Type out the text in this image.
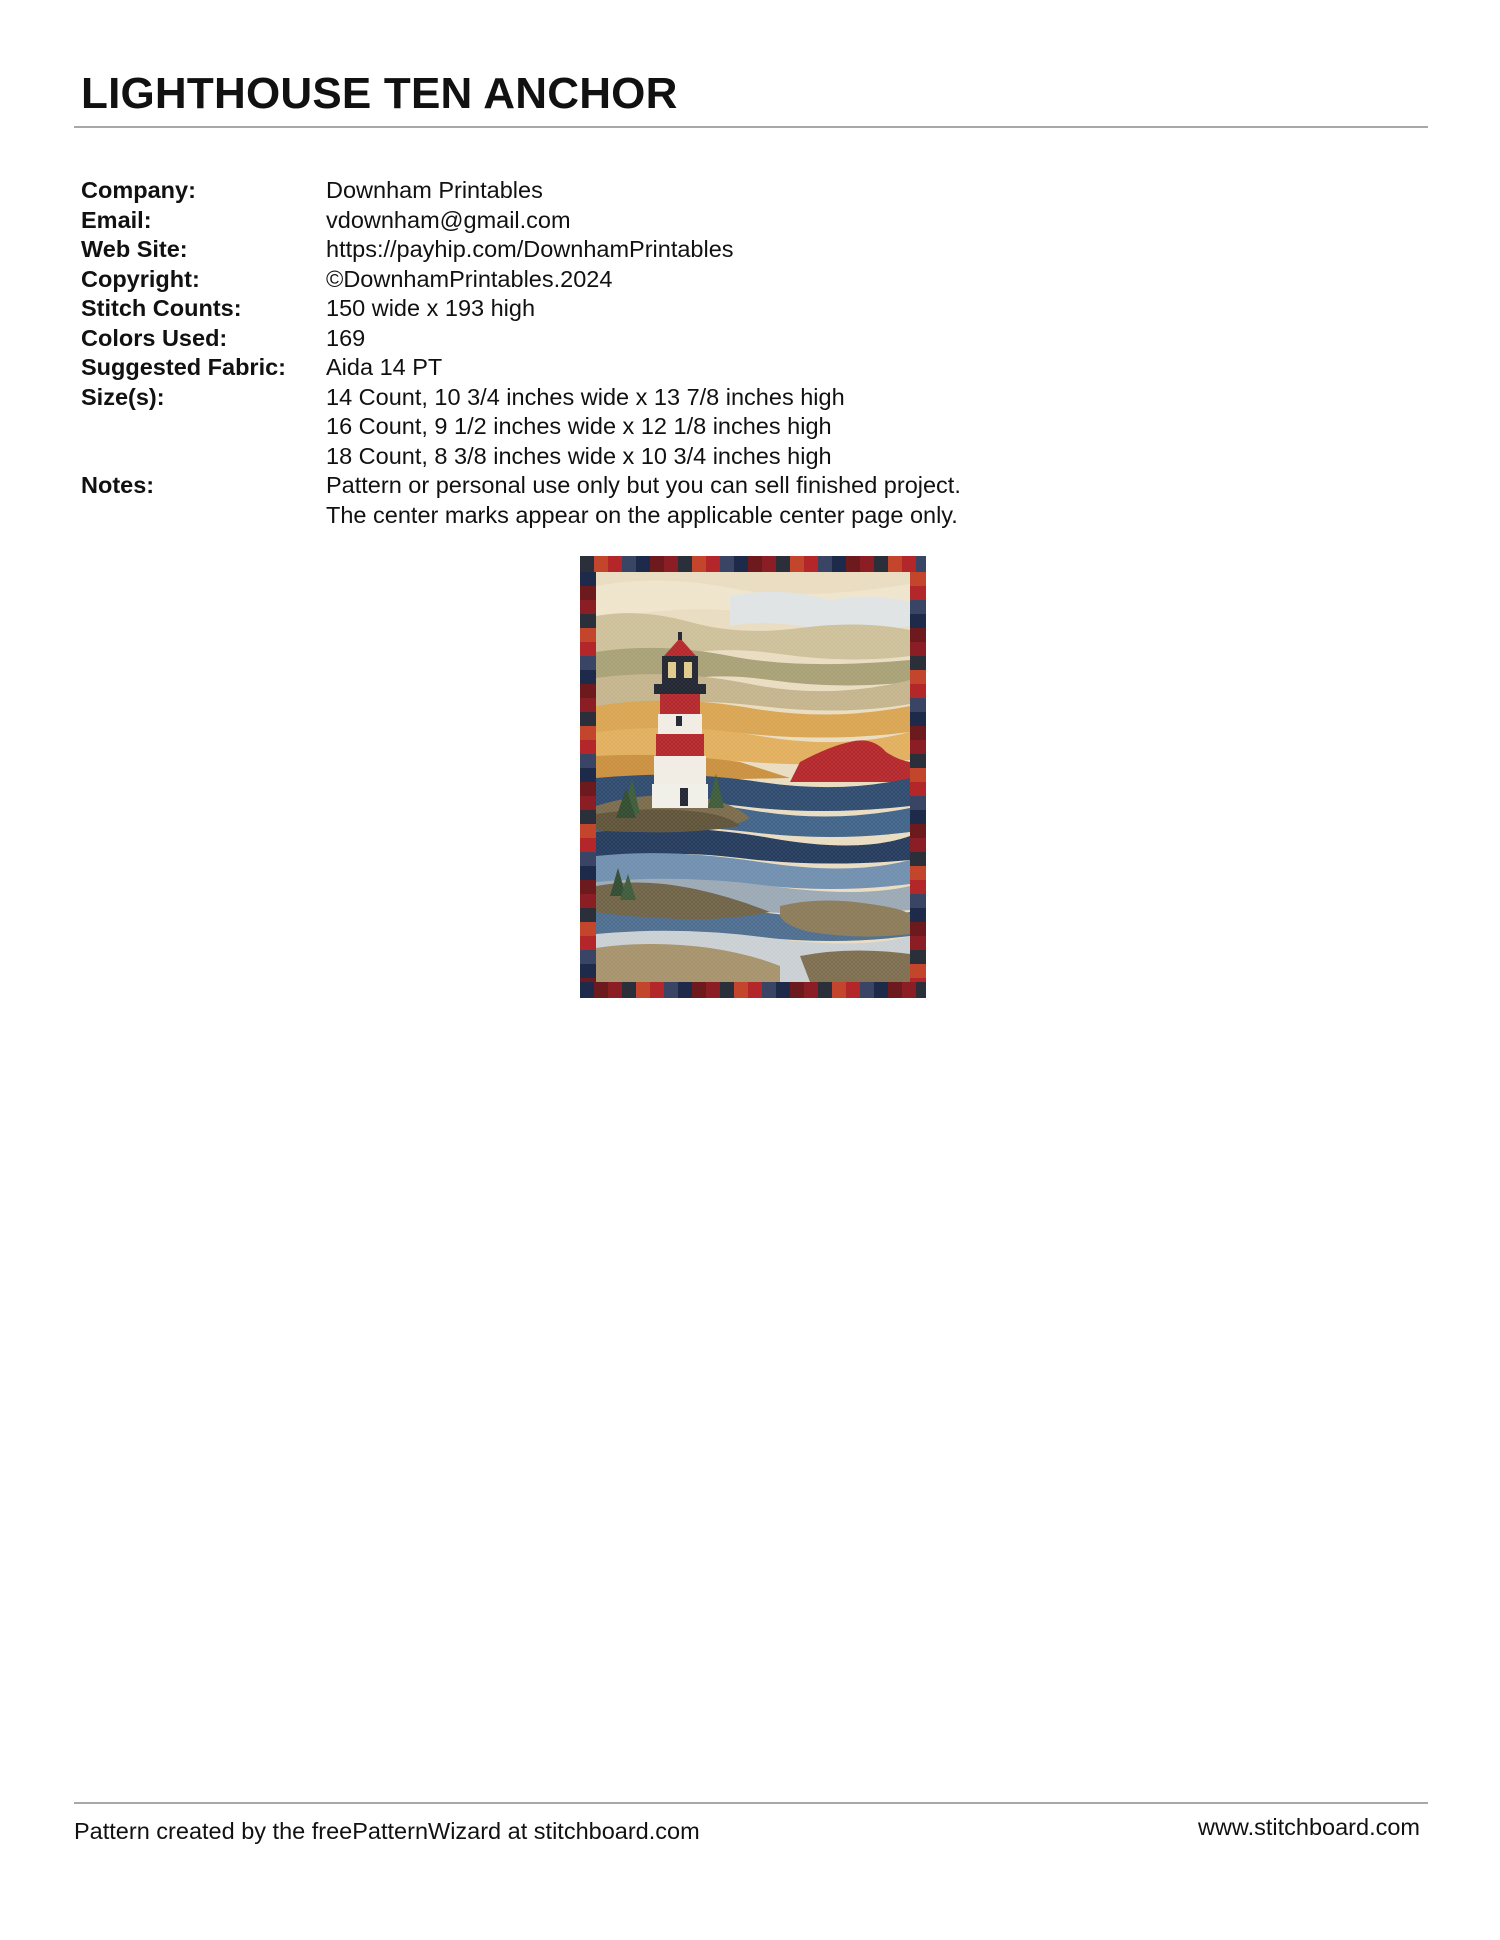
LIGHTHOUSE TEN ANCHOR
Company:	Downham Printables
Email:	vdownham@gmail.com
Web Site:	https://payhip.com/DownhamPrintables
Copyright:	©DownhamPrintables.2024
Stitch Counts:	150 wide x 193 high
Colors Used:	169
Suggested Fabric:	Aida 14 PT
Size(s):	14 Count, 10 3/4 inches wide x 13 7/8 inches high
16 Count, 9 1/2 inches wide x 12 1/8 inches high
18 Count, 8 3/8 inches wide x 10 3/4 inches high
Notes:	Pattern or personal use only but you can sell finished project.
The center marks appear on the applicable center page only.
Pattern created by the freePatternWizard at stitchboard.com	www.stitchboard.com
